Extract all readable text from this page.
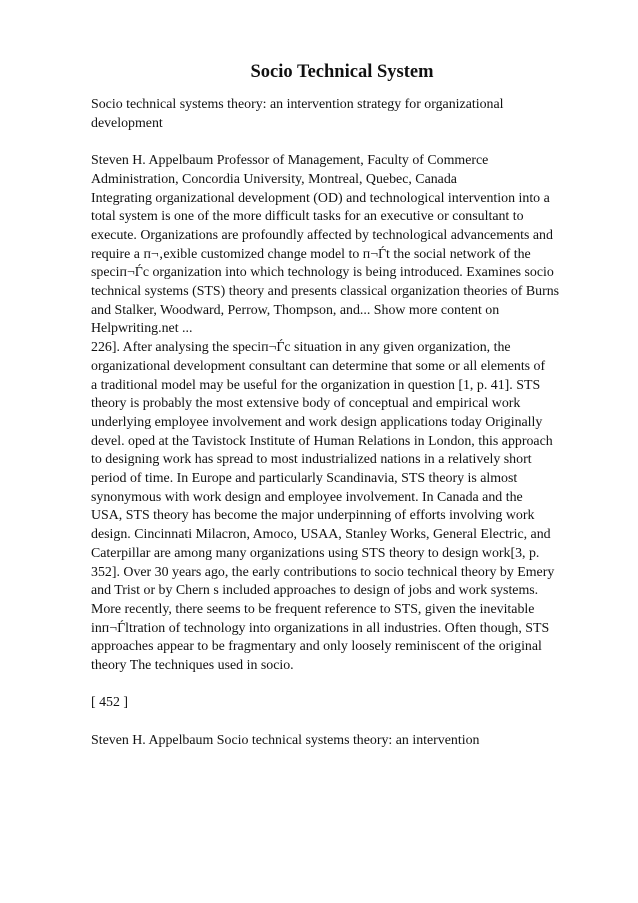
Socio Technical System

Socio technical systems theory: an intervention strategy for organizational
development

Steven H. Appelbaum Professor of Management, Faculty of Commerce
Administration, Concordia University, Montreal, Quebec, Canada
Integrating organizational development (OD) and technological intervention into a
total system is one of the more difficult tasks for an executive or consultant to
execute. Organizations are profoundly affected by technological advancements and
require a п¬‚exible customized change model to п¬Ѓt the social network of the
speciп¬Ѓc organization into which technology is being introduced. Examines socio
technical systems (STS) theory and presents classical organization theories of Burns
and Stalker, Woodward, Perrow, Thompson, and... Show more content on
Helpwriting.net ...
226]. After analysing the speciп¬Ѓc situation in any given organization, the
organizational development consultant can determine that some or all elements of
a traditional model may be useful for the organization in question [1, p. 41]. STS
theory is probably the most extensive body of conceptual and empirical work
underlying employee involvement and work design applications today Originally
devel. oped at the Tavistock Institute of Human Relations in London, this approach
to designing work has spread to most industrialized nations in a relatively short
period of time. In Europe and particularly Scandinavia, STS theory is almost
synonymous with work design and employee involvement. In Canada and the
USA, STS theory has become the major underpinning of efforts involving work
design. Cincinnati Milacron, Amoco, USAA, Stanley Works, General Electric, and
Caterpillar are among many organizations using STS theory to design work[3, p.
352]. Over 30 years ago, the early contributions to socio technical theory by Emery
and Trist or by Chern s included approaches to design of jobs and work systems.
More recently, there seems to be frequent reference to STS, given the inevitable
inп¬Ѓltration of technology into organizations in all industries. Often though, STS
approaches appear to be fragmentary and only loosely reminiscent of the original
theory The techniques used in socio.

[ 452 ]

Steven H. Appelbaum Socio technical systems theory: an intervention
